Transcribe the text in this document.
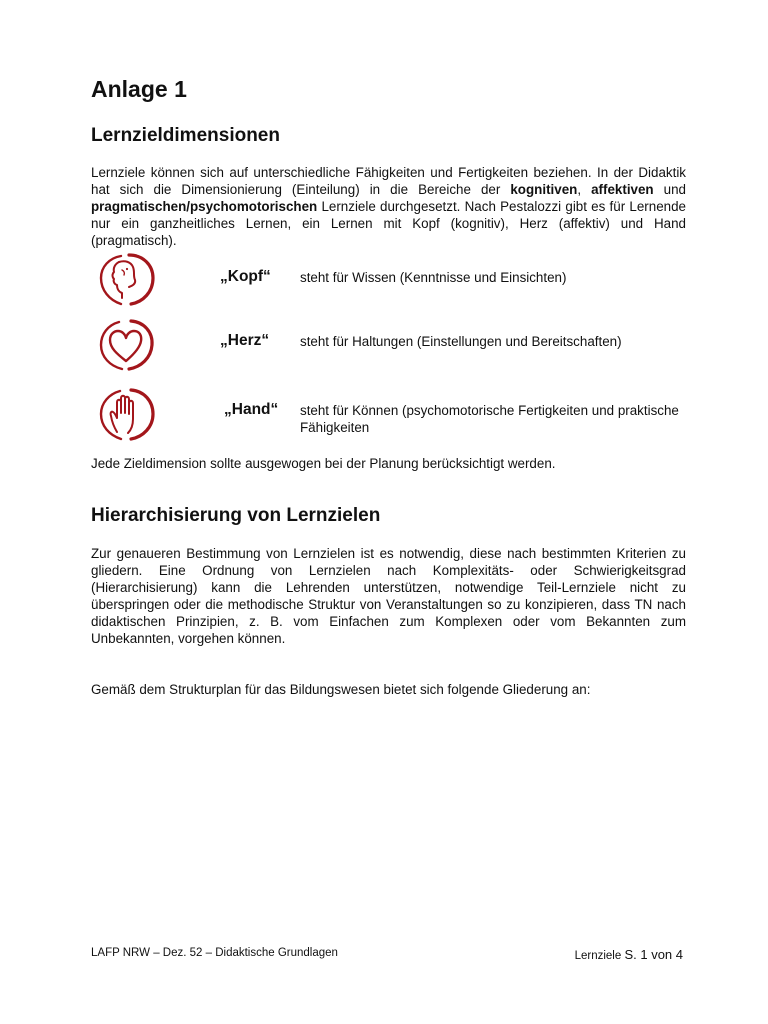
Anlage 1
Lernzieldimensionen

Lernziele können sich auf unterschiedliche Fähigkeiten und Fertigkeiten beziehen. In der Didaktik hat sich die Dimensionierung (Einteilung) in die Bereiche der kognitiven, affektiven und pragmatischen/psychomotorischen Lernziele durchgesetzt. Nach Pestalozzi gibt es für Lernende nur ein ganzheitliches Lernen, ein Lernen mit Kopf (kognitiv), Herz (affektiv) und Hand (pragmatisch).

„Kopf“ steht für Wissen (Kenntnisse und Einsichten)
„Herz“ steht für Haltungen (Einstellungen und Bereitschaften)
„Hand“ steht für Können (psychomotorische Fertigkeiten und praktische Fähigkeiten

Jede Zieldimension sollte ausgewogen bei der Planung berücksichtigt werden.

Hierarchisierung von Lernzielen

Zur genaueren Bestimmung von Lernzielen ist es notwendig, diese nach bestimmten Kriterien zu gliedern. Eine Ordnung von Lernzielen nach Komplexitäts- oder Schwierigkeitsgrad (Hierarchisierung) kann die Lehrenden unterstützen, notwendige Teil-Lernziele nicht zu überspringen oder die methodische Struktur von Veranstaltungen so zu konzipieren, dass TN nach didaktischen Prinzipien, z. B. vom Einfachen zum Komplexen oder vom Bekannten zum Unbekannten, vorgehen können.

Gemäß dem Strukturplan für das Bildungswesen bietet sich folgende Gliederung an:

LAFP NRW – Dez. 52 – Didaktische Grundlagen	Lernziele S. 1 von 4
